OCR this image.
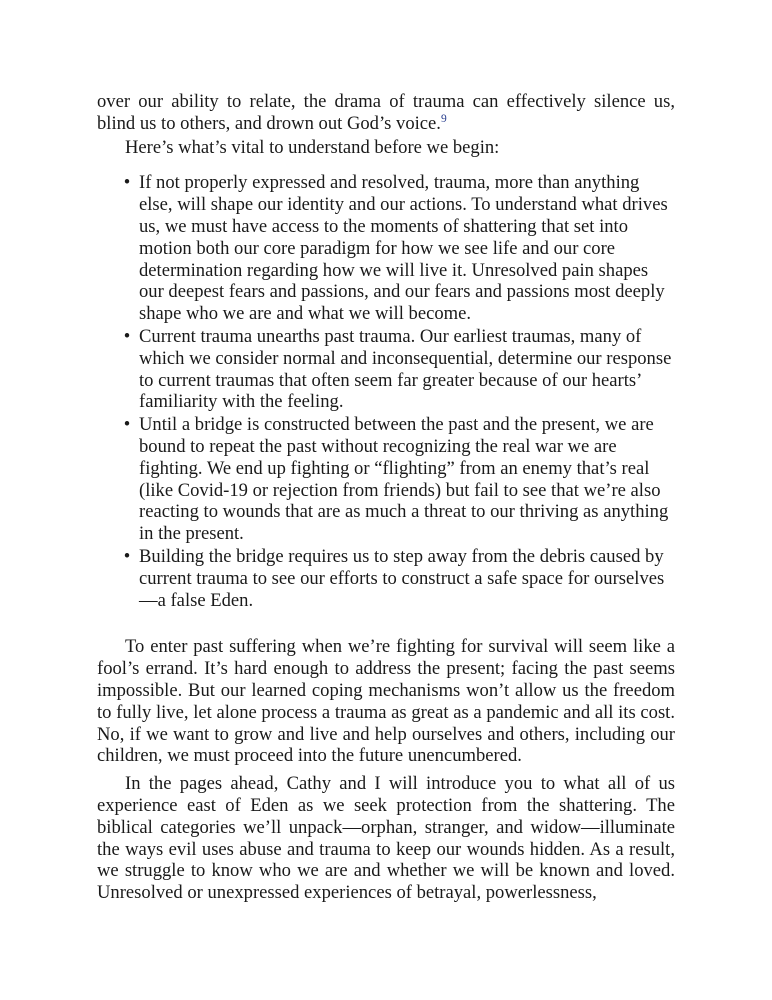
over our ability to relate, the drama of trauma can effectively silence us, blind us to others, and drown out God’s voice.$^9$

Here’s what’s vital to understand before we begin:

• If not properly expressed and resolved, trauma, more than anything else, will shape our identity and our actions. To understand what drives us, we must have access to the moments of shattering that set into motion both our core paradigm for how we see life and our core determination regarding how we will live it. Unresolved pain shapes our deepest fears and passions, and our fears and passions most deeply shape who we are and what we will become.
• Current trauma unearths past trauma. Our earliest traumas, many of which we consider normal and inconsequential, determine our response to current traumas that often seem far greater because of our hearts’ familiarity with the feeling.
• Until a bridge is constructed between the past and the present, we are bound to repeat the past without recognizing the real war we are fighting. We end up fighting or “flighting” from an enemy that’s real (like Covid-19 or rejection from friends) but fail to see that we’re also reacting to wounds that are as much a threat to our thriving as anything in the present.
• Building the bridge requires us to step away from the debris caused by current trauma to see our efforts to construct a safe space for ourselves—a false Eden.

To enter past suffering when we’re fighting for survival will seem like a fool’s errand. It’s hard enough to address the present; facing the past seems impossible. But our learned coping mechanisms won’t allow us the freedom to fully live, let alone process a trauma as great as a pandemic and all its cost. No, if we want to grow and live and help ourselves and others, including our children, we must proceed into the future unencumbered.

In the pages ahead, Cathy and I will introduce you to what all of us experience east of Eden as we seek protection from the shattering. The biblical categories we’ll unpack—orphan, stranger, and widow—illuminate the ways evil uses abuse and trauma to keep our wounds hidden. As a result, we struggle to know who we are and whether we will be known and loved. Unresolved or unexpressed experiences of betrayal, powerlessness,
